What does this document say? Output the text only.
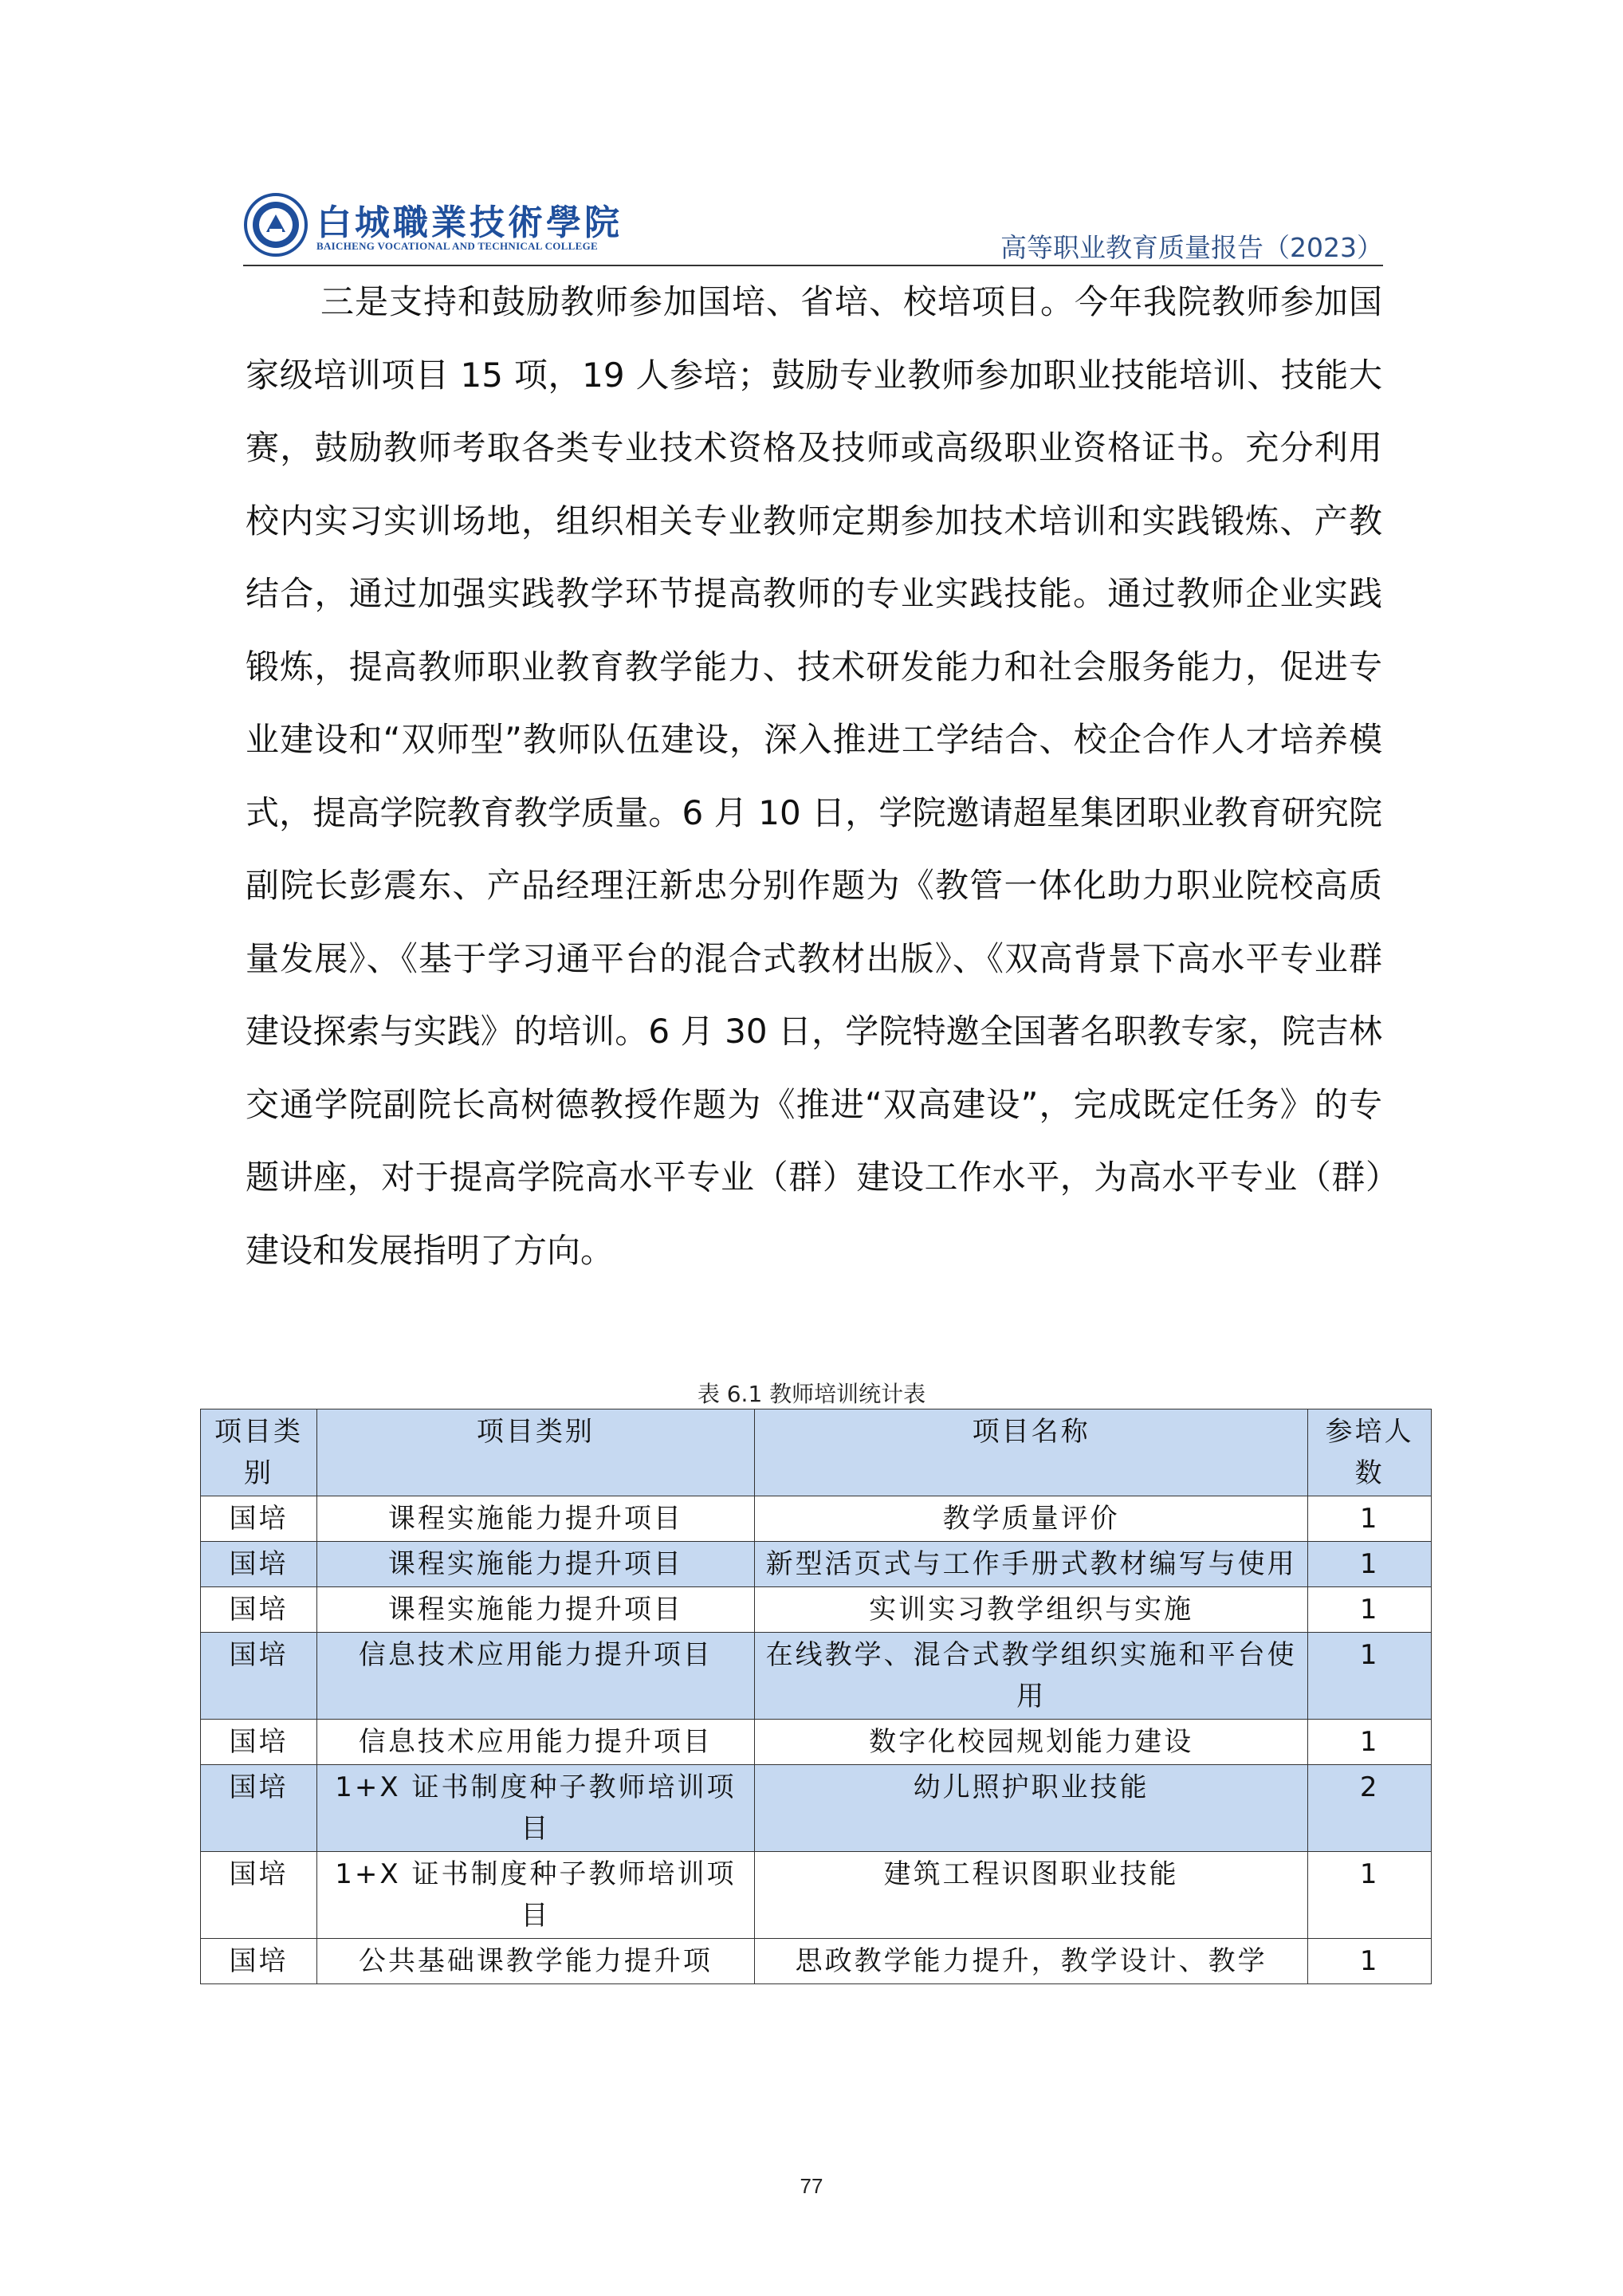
白城職業技術學院
BAICHENG VOCATIONAL AND TECHNICAL COLLEGE	高等职业教育质量报告（2023）

三是支持和鼓励教师参加国培、省培、校培项目。今年我院教师参加国家级培训项目 15 项，19 人参培；鼓励专业教师参加职业技能培训、技能大赛，鼓励教师考取各类专业技术资格及技师或高级职业资格证书。充分利用校内实习实训场地，组织相关专业教师定期参加技术培训和实践锻炼、产教结合，通过加强实践教学环节提高教师的专业实践技能。通过教师企业实践锻炼，提高教师职业教育教学能力、技术研发能力和社会服务能力，促进专业建设和“双师型”教师队伍建设，深入推进工学结合、校企合作人才培养模式，提高学院教育教学质量。6 月 10 日，学院邀请超星集团职业教育研究院副院长彭震东、产品经理汪新忠分别作题为《教管一体化助力职业院校高质量发展》、《基于学习通平台的混合式教材出版》、《双高背景下高水平专业群建设探索与实践》的培训。6 月 30 日，学院特邀全国著名职教专家，院吉林交通学院副院长高树德教授作题为《推进“双高建设”，完成既定任务》的专题讲座，对于提高学院高水平专业（群）建设工作水平，为高水平专业（群）建设和发展指明了方向。

表 6.1 教师培训统计表
项目类别	项目类别	项目名称	参培人数
国培	课程实施能力提升项目	教学质量评价	1
国培	课程实施能力提升项目	新型活页式与工作手册式教材编写与使用	1
国培	课程实施能力提升项目	实训实习教学组织与实施	1
国培	信息技术应用能力提升项目	在线教学、混合式教学组织实施和平台使用	1
国培	信息技术应用能力提升项目	数字化校园规划能力建设	1
国培	1+X 证书制度种子教师培训项目	幼儿照护职业技能	2
国培	1+X 证书制度种子教师培训项目	建筑工程识图职业技能	1
国培	公共基础课教学能力提升项	思政教学能力提升，教学设计、教学	1
77
